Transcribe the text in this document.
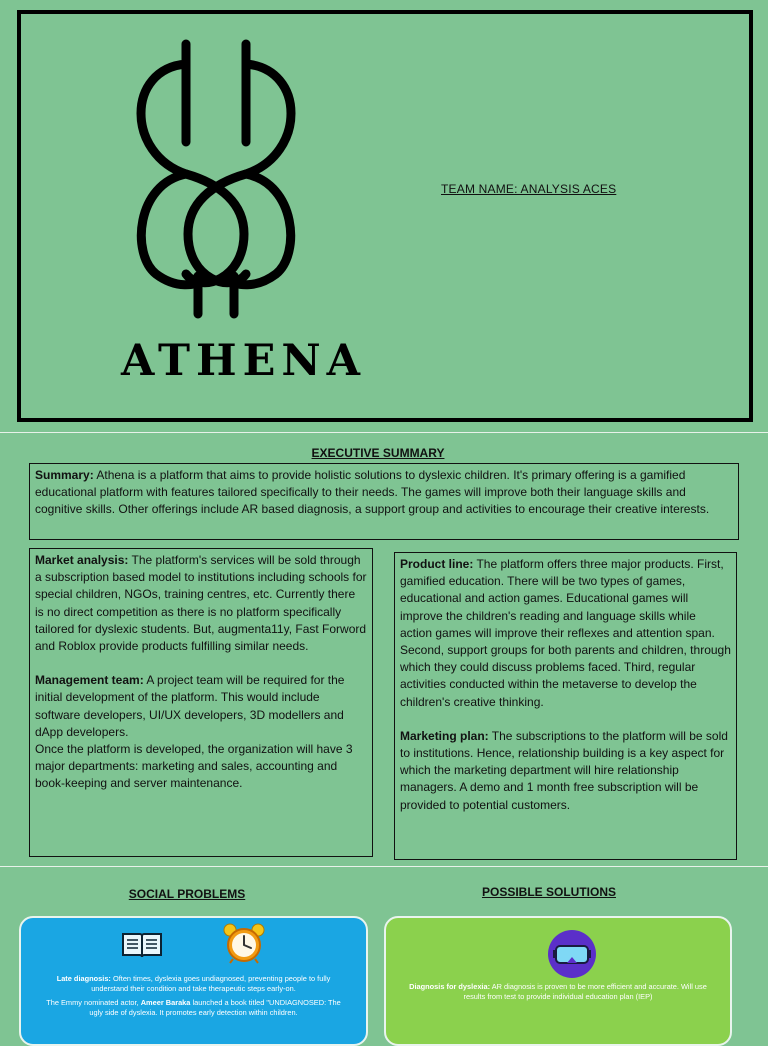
ATHENA
TEAM NAME: ANALYSIS ACES
EXECUTIVE SUMMARY

Summary: Athena is a platform that aims to provide holistic solutions to dyslexic children. It's primary offering is a gamified educational platform with features tailored specifically to their needs. The games will improve both their language skills and cognitive skills. Other offerings include AR based diagnosis, a support group and activities to encourage their creative interests.

Market analysis: The platform's services will be sold through a subscription based model to institutions including schools for special children, NGOs, training centres, etc. Currently there is no direct competition as there is no platform specifically tailored for dyslexic students. But, augmenta11y, Fast Forword and Roblox provide products fulfilling similar needs.

Management team: A project team will be required for the initial development of the platform. This would include software developers, UI/UX developers, 3D modellers and dApp developers.

Once the platform is developed, the organization will have 3 major departments: marketing and sales, accounting and book-keeping and server maintenance.

Product line: The platform offers three major products. First, gamified education. There will be two types of games, educational and action games. Educational games will improve the children's reading and language skills while action games will improve their reflexes and attention span. Second, support groups for both parents and children, through which they could discuss problems faced. Third, regular activities conducted within the metaverse to develop the children's creative thinking.

Marketing plan: The subscriptions to the platform will be sold to institutions. Hence, relationship building is a key aspect for which the marketing department will hire relationship managers. A demo and 1 month free subscription will be provided to potential customers.

SOCIAL PROBLEMS	POSSIBLE SOLUTIONS
Late diagnosis: Often times, dyslexia goes undiagnosed, preventing people to fully understand their condition and take therapeutic steps early-on.
The Emmy nominated actor, Ameer Baraka launched a book titled "UNDIAGNOSED: The ugly side of dyslexia. It promotes early detection within children.
Diagnosis for dyslexia: AR diagnosis is proven to be more efficient and accurate. Will use results from test to provide individual education plan (IEP)
